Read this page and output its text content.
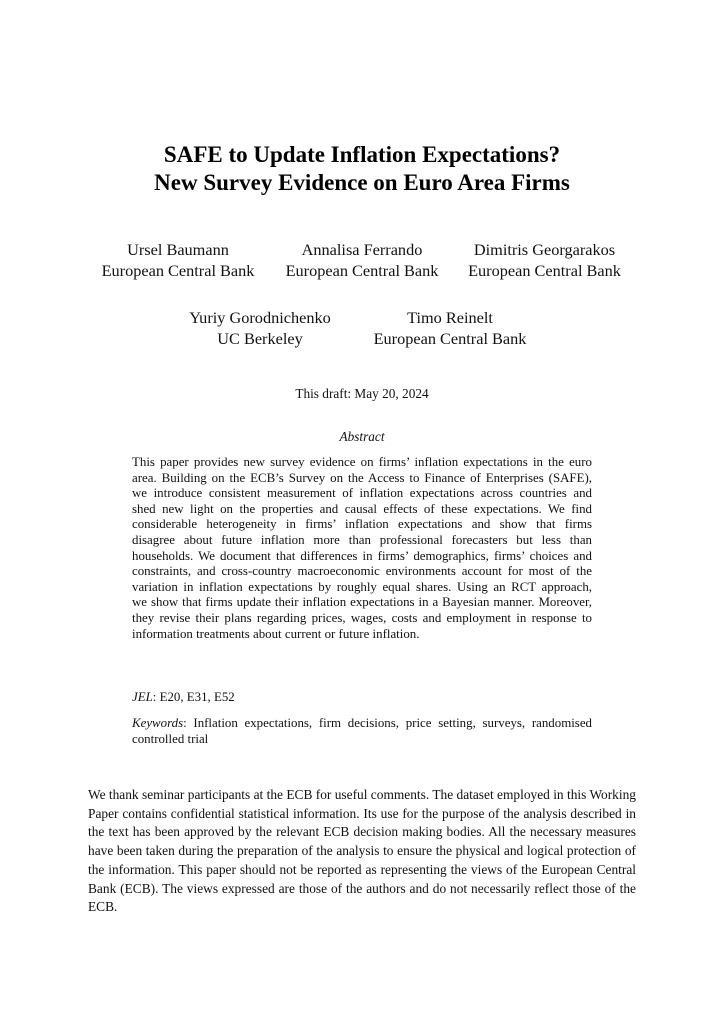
SAFE to Update Inflation Expectations?
New Survey Evidence on Euro Area Firms
Ursel Baumann
European Central Bank
Annalisa Ferrando
European Central Bank
Dimitris Georgarakos
European Central Bank
Yuriy Gorodnichenko
UC Berkeley
Timo Reinelt
European Central Bank
This draft: May 20, 2024
Abstract
This paper provides new survey evidence on firms’ inflation expectations in the euro
area. Building on the ECB’s Survey on the Access to Finance of Enterprises (SAFE),
we introduce consistent measurement of inflation expectations across countries and
shed new light on the properties and causal effects of these expectations. We find
considerable heterogeneity in firms’ inflation expectations and show that firms
disagree about future inflation more than professional forecasters but less than
households. We document that differences in firms’ demographics, firms’ choices and
constraints, and cross-country macroeconomic environments account for most of the
variation in inflation expectations by roughly equal shares. Using an RCT approach,
we show that firms update their inflation expectations in a Bayesian manner. Moreover,
they revise their plans regarding prices, wages, costs and employment in response to
information treatments about current or future inflation.
JEL: E20, E31, E52
Keywords: Inflation expectations, firm decisions, price setting, surveys, randomised
controlled trial
We thank seminar participants at the ECB for useful comments. The dataset employed in this Working
Paper contains confidential statistical information. Its use for the purpose of the analysis described in
the text has been approved by the relevant ECB decision making bodies. All the necessary measures
have been taken during the preparation of the analysis to ensure the physical and logical protection of
the information. This paper should not be reported as representing the views of the European Central
Bank (ECB). The views expressed are those of the authors and do not necessarily reflect those of the
ECB.
